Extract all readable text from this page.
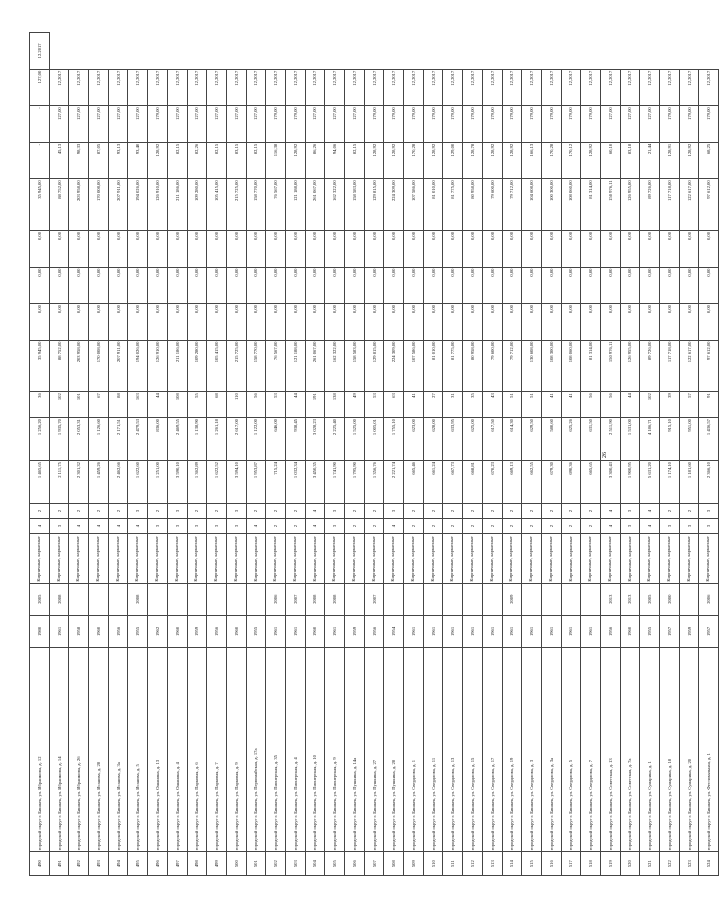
490	городской округ г. Бишкек, ул. Ибраимова, д. 12	1980	2005	Кирпичные, каркасные	4	2	1 465,65	1 256,20	36	35 945,00	0,00	0,00	0,00	35 945,00	-	-	127,00	12.2017
491	городской округ г. Бишкек, ул. Ибраимова, д. 14	1961	2008	Кирпичные, каркасные	3	2	2 111,75	1 935,70	102	88 752,00	0,00	0,00	0,00	88 752,00	45,13	127,00	12,2017	
492	городской округ г. Бишкек, ул. Ибраимова, д. 26	1958		Кирпичные, каркасные	4	2	2 301,32	2 053,31	101	203 958,00	0,00	0,00	0,00	203 958,00	98,33	127,00	12,2017	
493	городской округ г. Бишкек, ул. Исанова, д. 28	1960		Кирпичные, каркасные	4	2	1 459,26	1 126,60	67	170 008,00	0,00	0,00	0,00	170 008,00	87,05	127,00	12,2017	
494	городской округ г. Бишкек, ул. Исанова, д. 3а	1956		Кирпичные, каркасные	4	2	2 462,66	2 171,51	88	207 911,00	0,00	0,00	0,00	207 911,00	93,13	127,00	12,2017	
495	городской округ г. Бишкек, ул. Исанова, д. 5	1955	2008	Кирпичные, каркасные	4	3	1 622,60	2 479,53	163	194 026,00	0,00	0,00	0,00	194 026,00	93,40	127,00	12,2017	
496	городской округ г. Бишкек, ул. Ошанина, д. 13	1962		Кирпичные, каркасные	3	2	1 251,00	836,00	44	126 910,00	0,00	0,00	0,00	126 910,00	128,92	179,00	12,2017	
497	городской округ г. Бишкек, ул. Ошанина, д. 4	1960		Кирпичные, каркасные	3	3	3 590,10	2 469,55	108	211 186,00	0,00	0,00	0,00	211 186,00	82,15	127,00	12,2017	
498	городской округ г. Бишкек, ул. Парковая, д. 6	1959		Кирпичные, каркасные	3	2	1 362,89	1 138,90	55	109 280,00	0,00	0,00	0,00	109 280,00	82,26	127,00	12,2017	
499	городской округ г. Бишкек, ул. Парковая, д. 7	1956		Кирпичные, каркасные	3	2	1 622,52	1 261,18	68	105 415,00	0,00	0,00	0,00	105 415,00	82,15	127,00	12,2017	
500	городской округ г. Бишкек, ул. Парковая, д. 9	1960		Кирпичные, каркасные	3	3	3 594,10	2 617,00	110	215 725,00	0,00	0,00	0,00	215 725,00	83,15	127,00	12,2017	
501	городской округ г. Бишкек, ул. Первомайская, д. 17а	1955		Кирпичные, каркасные	4	2	1 953,87	1 122,00	56	158 770,00	0,00	0,00	0,00	158 770,00	82,15	127,00	12,2017	
502	городской округ г. Бишкек, ул. Пионерская, д. 35	1961	2006	Кирпичные, каркасные	2	2	715,24	646,00	53	76 567,00	0,00	0,00	0,00	76 567,00	116,38	179,00	12,2017	
503	городской округ г. Бишкек, ул. Пионерская, д. 4	1961	2007	Кирпичные, каркасные	2	2	1 032,34	938,45	44	121 188,00	0,00	0,00	0,00	121 188,00	128,92	179,00	12,2017	
504	городской округ г. Бишкек, ул. Пионерская, д. 10	1960	2008	Кирпичные, каркасные	4	4	3 450,35	3 028,23	191	261 067,00	0,00	0,00	0,00	261 067,00	86,26	127,00	12,2017	
505	городской округ г. Бишкек, ул. Пионерская, д. 9	1961	2008	Кирпичные, каркасные	3	3	1 741,90	2 225,40	138	162 322,00	0,00	0,00	0,00	162 322,00	94,06	127,00	12,2017	
506	городской округ г. Бишкек, ул. Пушкина, д. 14а	1959		Кирпичные, каркасные	2	2	1 795,90	1 525,00	49	158 583,00	0,00	0,00	0,00	158 583,00	82,15	127,00	12,2017	
507	городской округ г. Бишкек, ул. Пушкина, д. 27	1956	2007	Кирпичные, каркасные	2	2	1 356,76	1 005,01	53	129 815,00	0,00	0,00	0,00	129 815,00	128,92	179,00	12,2017	
508	городской округ г. Бишкек, ул. Пушкина, д. 28	1954		Кирпичные, каркасные	4	3	2 221,74	1 755,10	63	224 309,00	0,00	0,00	0,00	224 309,00	128,92	179,00	12,2017	
509	городской округ г. Бишкек, ул. Свердлова, д. 1	1961		Кирпичные, каркасные	2	2	665,46	623,00	41	107 586,00	0,00	0,00	0,00	107 586,00	170,28	179,00	12,2017	
510	городской округ г. Бишкек, ул. Свердлова, д. 11	1961		Кирпичные, каркасные	2	2	661,24	628,00	27	81 010,00	0,00	0,00	0,00	81 010,00	128,92	179,00	12,2017	
511	городской округ г. Бишкек, ул. Свердлова, д. 13	1961		Кирпичные, каркасные	2	2	667,73	633,95	31	81 775,00	0,00	0,00	0,00	81 775,00	129,00	179,00	12,2017	
512	городской округ г. Бишкек, ул. Свердлова, д. 15	1961		Кирпичные, каркасные	2	2	668,81	625,00	35	80 958,00	0,00	0,00	0,00	80 958,00	128,78	179,00	12,2017	
513	городской округ г. Бишкек, ул. Свердлова, д. 17	1961		Кирпичные, каркасные	2	2	670,23	617,50	43	79 600,00	0,00	0,00	0,00	79 600,00	128,92	179,00	12,2017	
514	городской округ г. Бишкек, ул. Свердлова, д. 19	1961	2009	Кирпичные, каркасные	2	2	669,13	614,30	51	79 712,00	0,00	0,00	0,00	79 712,00	128,92	179,00	12,2017	
515	городской округ г. Бишкек, ул. Свердлова, д. 3	1961		Кирпичные, каркасные	2	2	662,55	629,50	51	130 608,00	0,00	0,00	0,00	104 608,00	166,13	179,00	12,2017	
516	городской округ г. Бишкек, ул. Свердлова, д. 3а	1961		Кирпичные, каркасные	2	2	679,30	580,60	41	108 300,00	0,00	0,00	0,00	100 300,00	170,28	179,00	12,2017	
517	городской округ г. Бишкек, ул. Свердлова, д. 5	1961		Кирпичные, каркасные	2	2	690,36	625,26	41	108 060,00	0,00	0,00	0,00	108 060,00	170,12	179,00	12,2017	
518	городской округ г. Бишкек, ул. Свердлова, д. 7	1961		Кирпичные, каркасные	2	2	665,65	631,50	56	81 314,00	0,00	0,00	0,00	81 314,00	128,92	179,00	12,2017	
519	городской округ г. Бишкек, ул. Советская, д. 13	1956	2013	Кирпичные, каркасные	4	4	3 300,43	2 511,90	56	150 976,11	0,00	0,00	0,00	150 976,11	60,10	127,00	12,2017	
520	городской округ г. Бишкек, ул. Советская, д. 7а	1960	2013	Кирпичные, каркасные	3	3	1 900,95	1 531,00	44	126 955,00	0,00	0,00	0,00	126 955,00	83,18	127,00	12,2017	
521	городской округ г. Бишкек, ул. Сумарина, д. 1	1955	2005	Кирпичные, каркасные	4	4	5 631,20	4 186,71	102	89 726,00	0,00	0,00	0,00	89 726,00	21,44	127,00	12,2017	
522	городской округ г. Бишкек, ул. Сумарина, д. 18	1957	2000	Кирпичные, каркасные	3	2	1 174,10	915,10	39	117 718,00	0,00	0,00	0,00	117 718,00	128,91	179,00	12,2017	
523	городской округ г. Бишкек, ул. Сумарина, д. 20	1959		Кирпичные, каркасные	3	2	1 181,60	951,00	57	122 617,00	0,00	0,00	0,00	122 617,00	128,92	179,00	12,2017	
524	городской округ г. Бишкек, ул. Фестивальная, д. 1	1957	2006	Кирпичные, каркасные	3	3	2 366,10	1 436,57	91	97 612,00	0,00	0,00	0,00	97 612,00	68,25	179,00	12,2017	
26
